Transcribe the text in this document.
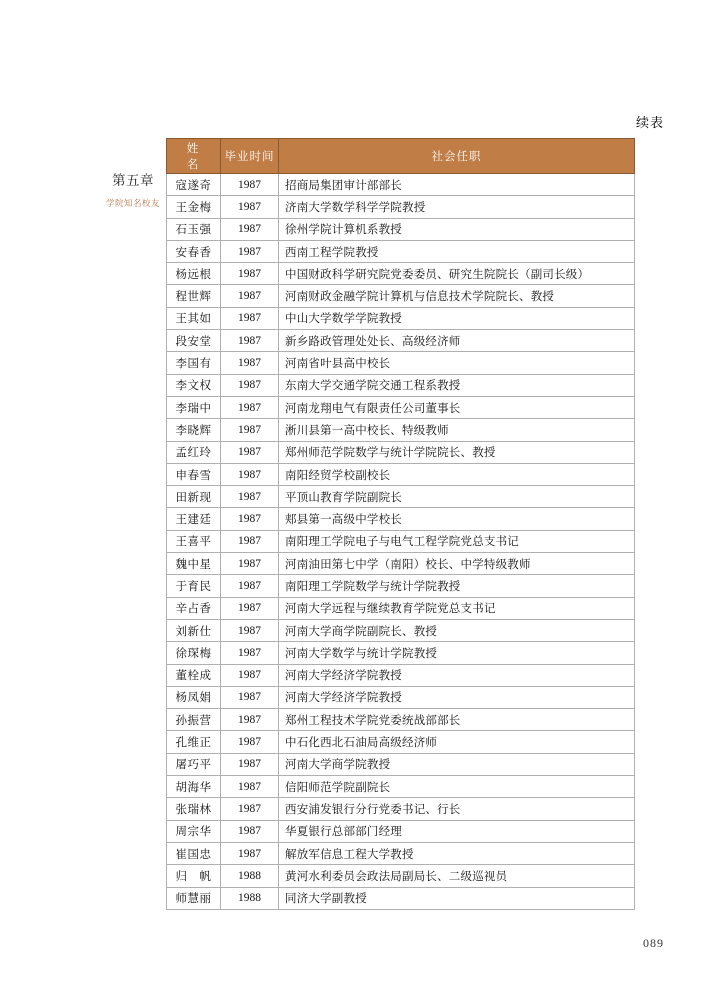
续表
第五章
学院知名校友
姓　名	毕业时间	社会任职
寇遂奇	1987	招商局集团审计部部长
王金梅	1987	济南大学数学科学学院教授
石玉强	1987	徐州学院计算机系教授
安春香	1987	西南工程学院教授
杨远根	1987	中国财政科学研究院党委委员、研究生院院长（副司长级）
程世辉	1987	河南财政金融学院计算机与信息技术学院院长、教授
王其如	1987	中山大学数学学院教授
段安堂	1987	新乡路政管理处处长、高级经济师
李国有	1987	河南省叶县高中校长
李文权	1987	东南大学交通学院交通工程系教授
李瑞中	1987	河南龙翔电气有限责任公司董事长
李晓辉	1987	淅川县第一高中校长、特级教师
孟红玲	1987	郑州师范学院数学与统计学院院长、教授
申春雪	1987	南阳经贸学校副校长
田新现	1987	平顶山教育学院副院长
王建廷	1987	郏县第一高级中学校长
王喜平	1987	南阳理工学院电子与电气工程学院党总支书记
魏中星	1987	河南油田第七中学（南阳）校长、中学特级教师
于育民	1987	南阳理工学院数学与统计学院教授
辛占香	1987	河南大学远程与继续教育学院党总支书记
刘新仕	1987	河南大学商学院副院长、教授
徐琛梅	1987	河南大学数学与统计学院教授
董栓成	1987	河南大学经济学院教授
杨凤娟	1987	河南大学经济学院教授
孙振营	1987	郑州工程技术学院党委统战部部长
孔维正	1987	中石化西北石油局高级经济师
屠巧平	1987	河南大学商学院教授
胡海华	1987	信阳师范学院副院长
张瑞林	1987	西安浦发银行分行党委书记、行长
周宗华	1987	华夏银行总部部门经理
崔国忠	1987	解放军信息工程大学教授
归　帆	1988	黄河水利委员会政法局副局长、二级巡视员
师慧丽	1988	同济大学副教授
089
